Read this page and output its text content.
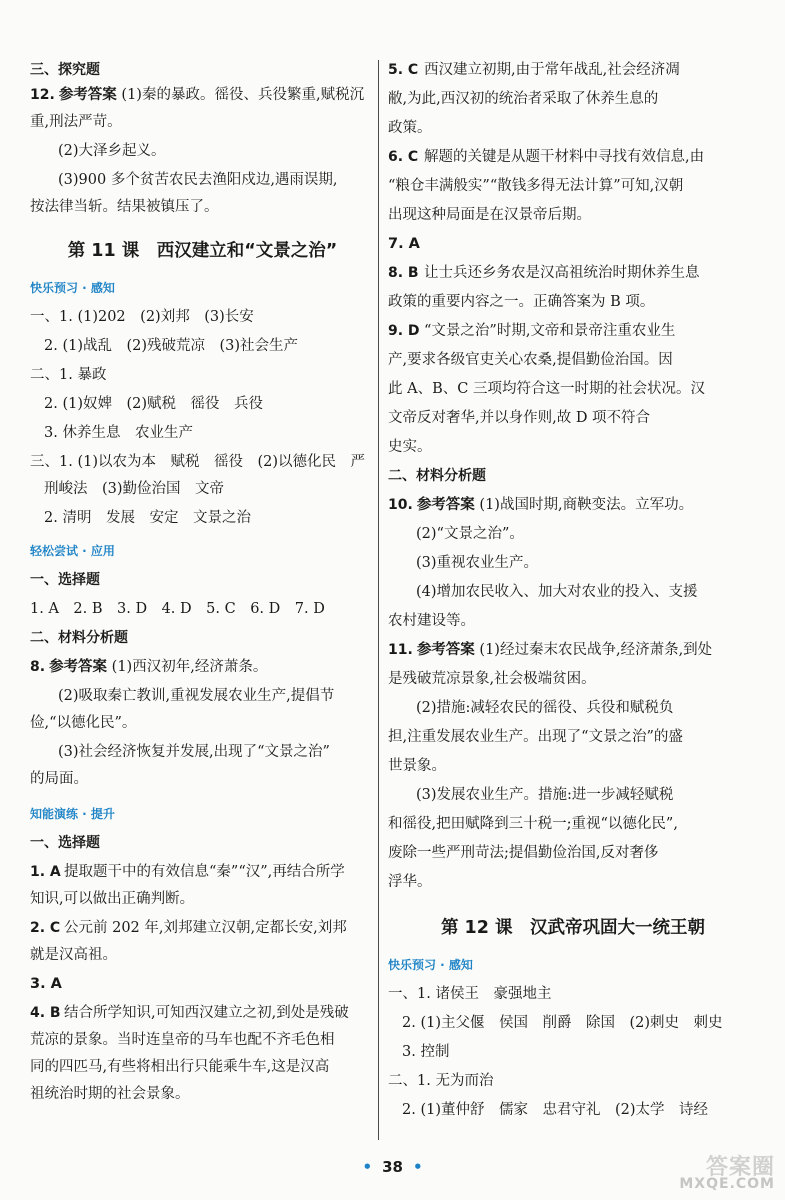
三、探究题
12. 参考答案 (1)秦的暴政。徭役、兵役繁重,赋税沉

重,刑法严苛。

(2)大泽乡起义。

(3)900 多个贫苦农民去渔阳戍边,遇雨误期,

按法律当斩。结果被镇压了。

第 11 课　西汉建立和“文景之治”
快乐预习 · 感知

一、1. (1)202　(2)刘邦　(3)长安

2. (1)战乱　(2)残破荒凉　(3)社会生产

二、1. 暴政

2. (1)奴婢　(2)赋税　徭役　兵役

3. 休养生息　农业生产

三、1. (1)以农为本　赋税　徭役　(2)以德化民　严

刑峻法　(3)勤俭治国　文帝

2. 清明　发展　安定　文景之治

轻松尝试 · 应用
一、选择题

1. A　2. B　3. D　4. D　5. C　6. D　7. D

二、材料分析题
8. 参考答案 (1)西汉初年,经济萧条。

(2)吸取秦亡教训,重视发展农业生产,提倡节

俭,“以德化民”。

(3)社会经济恢复并发展,出现了“文景之治”

的局面。

知能演练 · 提升
一、选择题
1. A 提取题干中的有效信息“秦”“汉”,再结合所学

知识,可以做出正确判断。

2. C 公元前 202 年,刘邦建立汉朝,定都长安,刘邦

就是汉高祖。

3. A

4. B 结合所学知识,可知西汉建立之初,到处是残破

荒凉的景象。当时连皇帝的马车也配不齐毛色相

同的四匹马,有些将相出行只能乘牛车,这是汉高

祖统治时期的社会景象。

5. C 西汉建立初期,由于常年战乱,社会经济凋

敝,为此,西汉初的统治者采取了休养生息的

政策。

6. C 解题的关键是从题干材料中寻找有效信息,由

“粮仓丰满般实”“散钱多得无法计算”可知,汉朝

出现这种局面是在汉景帝后期。

7. A

8. B 让士兵还乡务农是汉高祖统治时期休养生息

政策的重要内容之一。正确答案为 B 项。

9. D “文景之治”时期,文帝和景帝注重农业生

产,要求各级官吏关心农桑,提倡勤俭治国。因

此 A、B、C 三项均符合这一时期的社会状况。汉

文帝反对奢华,并以身作则,故 D 项不符合

史实。

二、材料分析题
10. 参考答案 (1)战国时期,商鞅变法。立军功。

(2)“文景之治”。

(3)重视农业生产。

(4)增加农民收入、加大对农业的投入、支援

农村建设等。

11. 参考答案 (1)经过秦末农民战争,经济萧条,到处

是残破荒凉景象,社会极端贫困。

(2)措施:减轻农民的徭役、兵役和赋税负

担,注重发展农业生产。出现了“文景之治”的盛

世景象。

(3)发展农业生产。措施:进一步减轻赋税

和徭役,把田赋降到三十税一;重视“以德化民”,

废除一些严刑苛法;提倡勤俭治国,反对奢侈

浮华。

第 12 课　汉武帝巩固大一统王朝
快乐预习 · 感知

一、1. 诸侯王　豪强地主

2. (1)主父偃　侯国　削爵　除国　(2)刺史　刺史

3. 控制

二、1. 无为而治

2. (1)董仲舒　儒家　忠君守礼　(2)太学　诗经

• 38 •	答案圈
MXQE.COM
